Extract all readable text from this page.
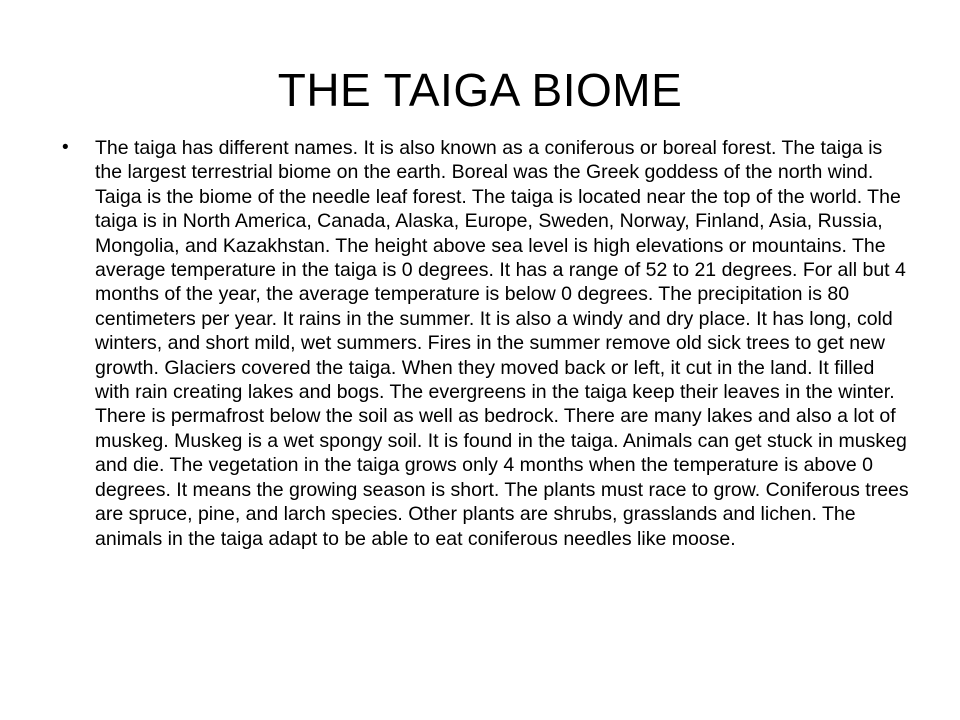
THE TAIGA BIOME
•	The taiga has different names. It is also known as a coniferous or boreal forest. The taiga is the largest terrestrial biome on the earth. Boreal was the Greek goddess of the north wind. Taiga is the biome of the needle leaf forest. The taiga is located near the top of the world. The taiga is in North America, Canada, Alaska, Europe, Sweden, Norway, Finland, Asia, Russia, Mongolia, and Kazakhstan. The height above sea level is high elevations or mountains. The average temperature in the taiga is 0 degrees. It has a range of 52 to 21 degrees. For all but 4 months of the year, the average temperature is below 0 degrees. The precipitation is 80 centimeters per year. It rains in the summer. It is also a windy and dry place. It has long, cold winters, and short mild, wet summers. Fires in the summer remove old sick trees to get new growth. Glaciers covered the taiga. When they moved back or left, it cut in the land. It filled with rain creating lakes and bogs. The evergreens in the taiga keep their leaves in the winter. There is permafrost below the soil as well as bedrock. There are many lakes and also a lot of muskeg. Muskeg is a wet spongy soil. It is found in the taiga. Animals can get stuck in muskeg and die. The vegetation in the taiga grows only 4 months when the temperature is above 0 degrees. It means the growing season is short. The plants must race to grow. Coniferous trees are spruce, pine, and larch species. Other plants are shrubs, grasslands and lichen. The animals in the taiga adapt to be able to eat coniferous needles like moose.
